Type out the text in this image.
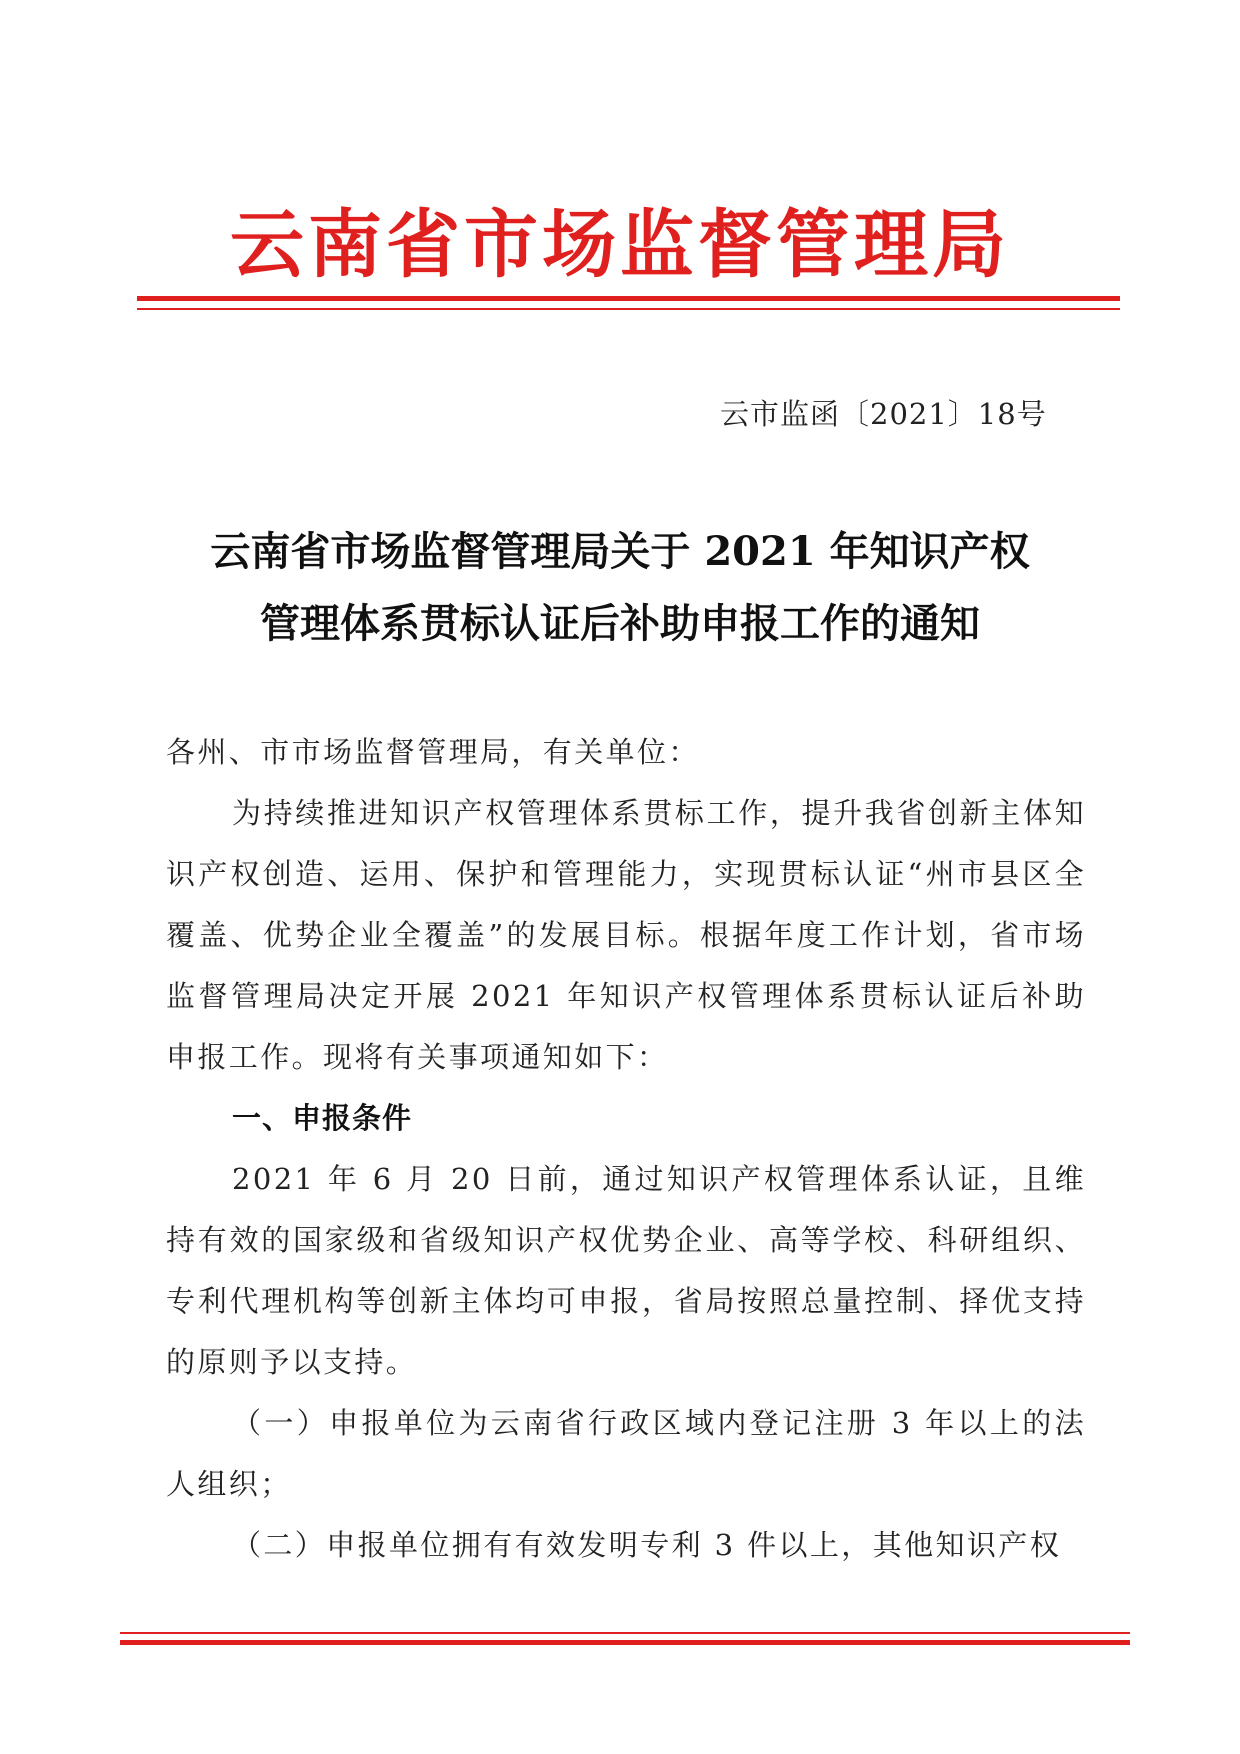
云南省市场监督管理局
云市监函〔2021〕18号
云南省市场监督管理局关于 2021 年知识产权
管理体系贯标认证后补助申报工作的通知

各州、市市场监督管理局，有关单位：

为持续推进知识产权管理体系贯标工作，提升我省创新主体知识产权创造、运用、保护和管理能力，实现贯标认证“州市县区全覆盖、优势企业全覆盖”的发展目标。根据年度工作计划，省市场监督管理局决定开展 2021 年知识产权管理体系贯标认证后补助申报工作。现将有关事项通知如下：

一、申报条件

2021 年 6 月 20 日前，通过知识产权管理体系认证，且维持有效的国家级和省级知识产权优势企业、高等学校、科研组织、专利代理机构等创新主体均可申报，省局按照总量控制、择优支持的原则予以支持。

（一）申报单位为云南省行政区域内登记注册 3 年以上的法人组织；

（二）申报单位拥有有效发明专利 3 件以上，其他知识产权
